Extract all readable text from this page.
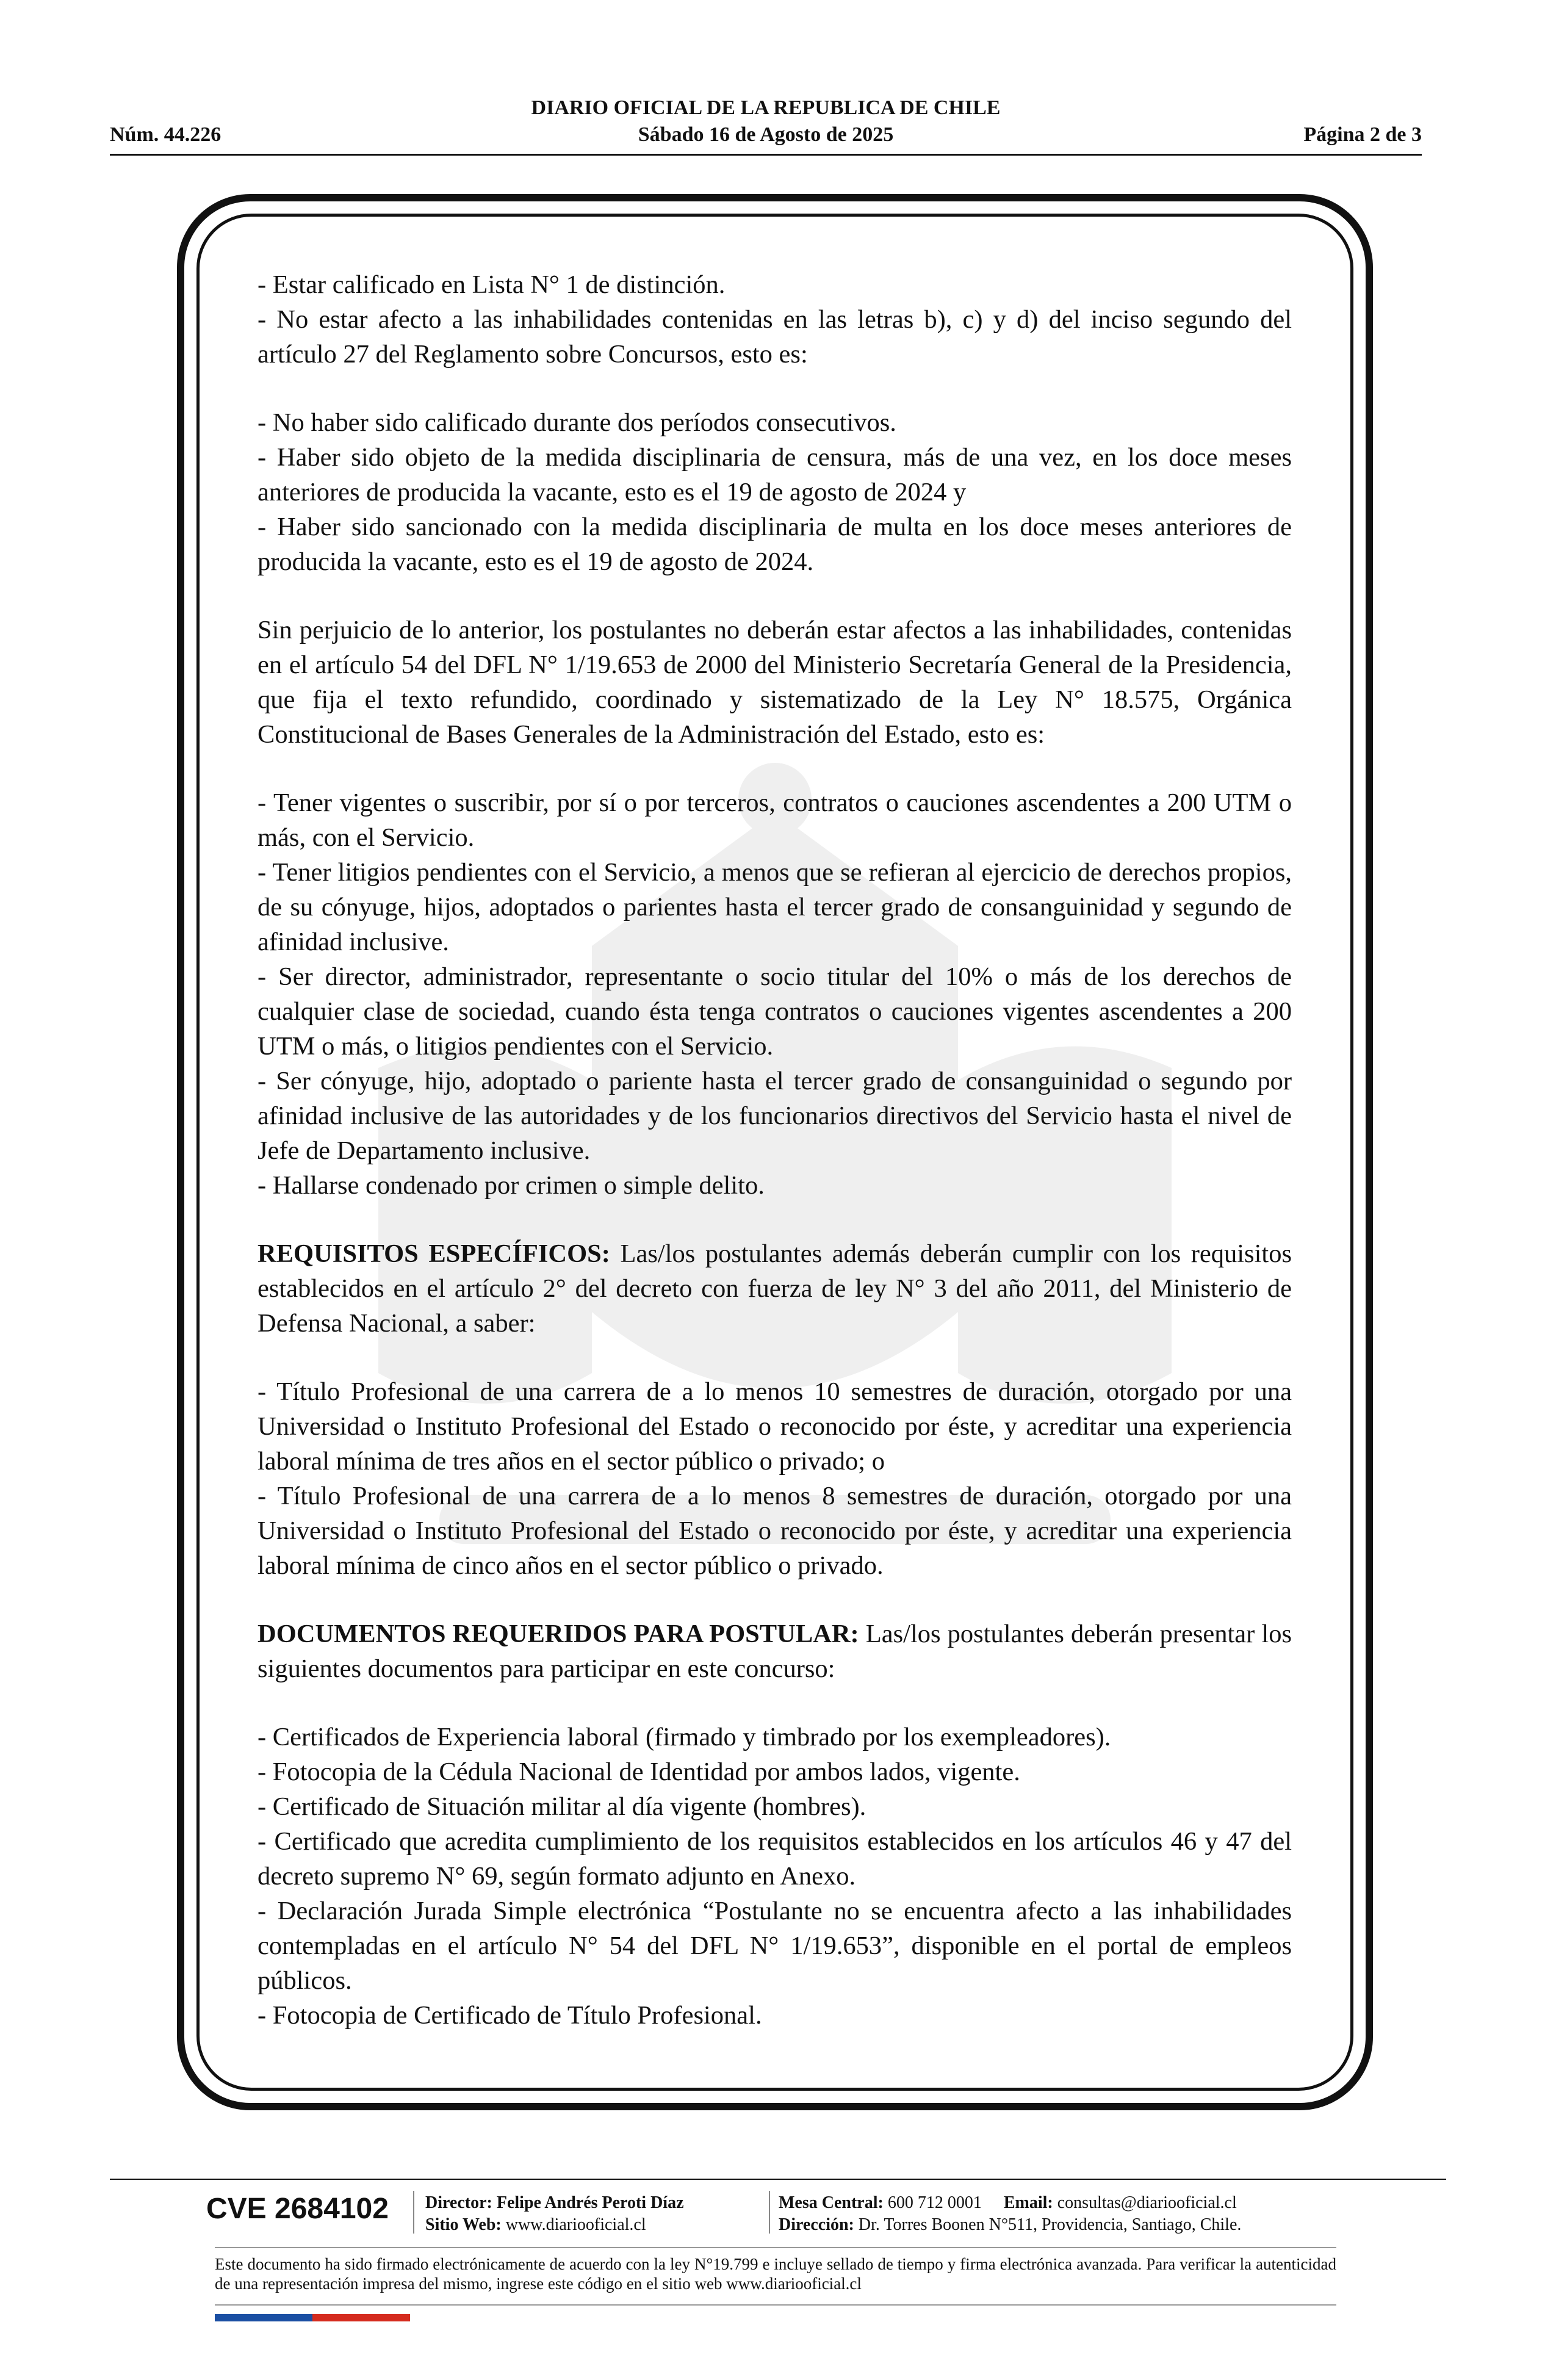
DIARIO OFICIAL DE LA REPUBLICA DE CHILE
Núm. 44.226	Sábado 16 de Agosto de 2025	Página 2 de 3

- Estar calificado en Lista N° 1 de distinción.

- No estar afecto a las inhabilidades contenidas en las letras b), c) y d) del inciso segundo del artículo 27 del Reglamento sobre Concursos, esto es:

- No haber sido calificado durante dos períodos consecutivos.

- Haber sido objeto de la medida disciplinaria de censura, más de una vez, en los doce meses anteriores de producida la vacante, esto es el 19 de agosto de 2024 y

- Haber sido sancionado con la medida disciplinaria de multa en los doce meses anteriores de producida la vacante, esto es el 19 de agosto de 2024.

Sin perjuicio de lo anterior, los postulantes no deberán estar afectos a las inhabilidades, contenidas en el artículo 54 del DFL N° 1/19.653 de 2000 del Ministerio Secretaría General de la Presidencia, que fija el texto refundido, coordinado y sistematizado de la Ley N° 18.575, Orgánica Constitucional de Bases Generales de la Administración del Estado, esto es:

- Tener vigentes o suscribir, por sí o por terceros, contratos o cauciones ascendentes a 200 UTM o más, con el Servicio.

- Tener litigios pendientes con el Servicio, a menos que se refieran al ejercicio de derechos propios, de su cónyuge, hijos, adoptados o parientes hasta el tercer grado de consanguinidad y segundo de afinidad inclusive.

- Ser director, administrador, representante o socio titular del 10% o más de los derechos de cualquier clase de sociedad, cuando ésta tenga contratos o cauciones vigentes ascendentes a 200 UTM o más, o litigios pendientes con el Servicio.

- Ser cónyuge, hijo, adoptado o pariente hasta el tercer grado de consanguinidad o segundo por afinidad inclusive de las autoridades y de los funcionarios directivos del Servicio hasta el nivel de Jefe de Departamento inclusive.

- Hallarse condenado por crimen o simple delito.

REQUISITOS ESPECÍFICOS: Las/los postulantes además deberán cumplir con los requisitos establecidos en el artículo 2° del decreto con fuerza de ley N° 3 del año 2011, del Ministerio de Defensa Nacional, a saber:

- Título Profesional de una carrera de a lo menos 10 semestres de duración, otorgado por una Universidad o Instituto Profesional del Estado o reconocido por éste, y acreditar una experiencia laboral mínima de tres años en el sector público o privado; o

- Título Profesional de una carrera de a lo menos 8 semestres de duración, otorgado por una Universidad o Instituto Profesional del Estado o reconocido por éste, y acreditar una experiencia laboral mínima de cinco años en el sector público o privado.

DOCUMENTOS REQUERIDOS PARA POSTULAR: Las/los postulantes deberán presentar los siguientes documentos para participar en este concurso:

- Certificados de Experiencia laboral (firmado y timbrado por los exempleadores).

- Fotocopia de la Cédula Nacional de Identidad por ambos lados, vigente.

- Certificado de Situación militar al día vigente (hombres).

- Certificado que acredita cumplimiento de los requisitos establecidos en los artículos 46 y 47 del decreto supremo N° 69, según formato adjunto en Anexo.

- Declaración Jurada Simple electrónica “Postulante no se encuentra afecto a las inhabilidades contempladas en el artículo N° 54 del DFL N° 1/19.653”, disponible en el portal de empleos públicos.

- Fotocopia de Certificado de Título Profesional.

CVE 2684102 Director: Felipe Andrés Peroti Díaz
Sitio Web: www.diariooficial.cl
Mesa Central: 600 712 0001 Email: consultas@diariooficial.cl
Dirección: Dr. Torres Boonen N°511, Providencia, Santiago, Chile.
Este documento ha sido firmado electrónicamente de acuerdo con la ley N°19.799 e incluye sellado de tiempo y firma electrónica avanzada. Para verificar la autenticidad de una representación impresa del mismo, ingrese este código en el sitio web www.diariooficial.cl
